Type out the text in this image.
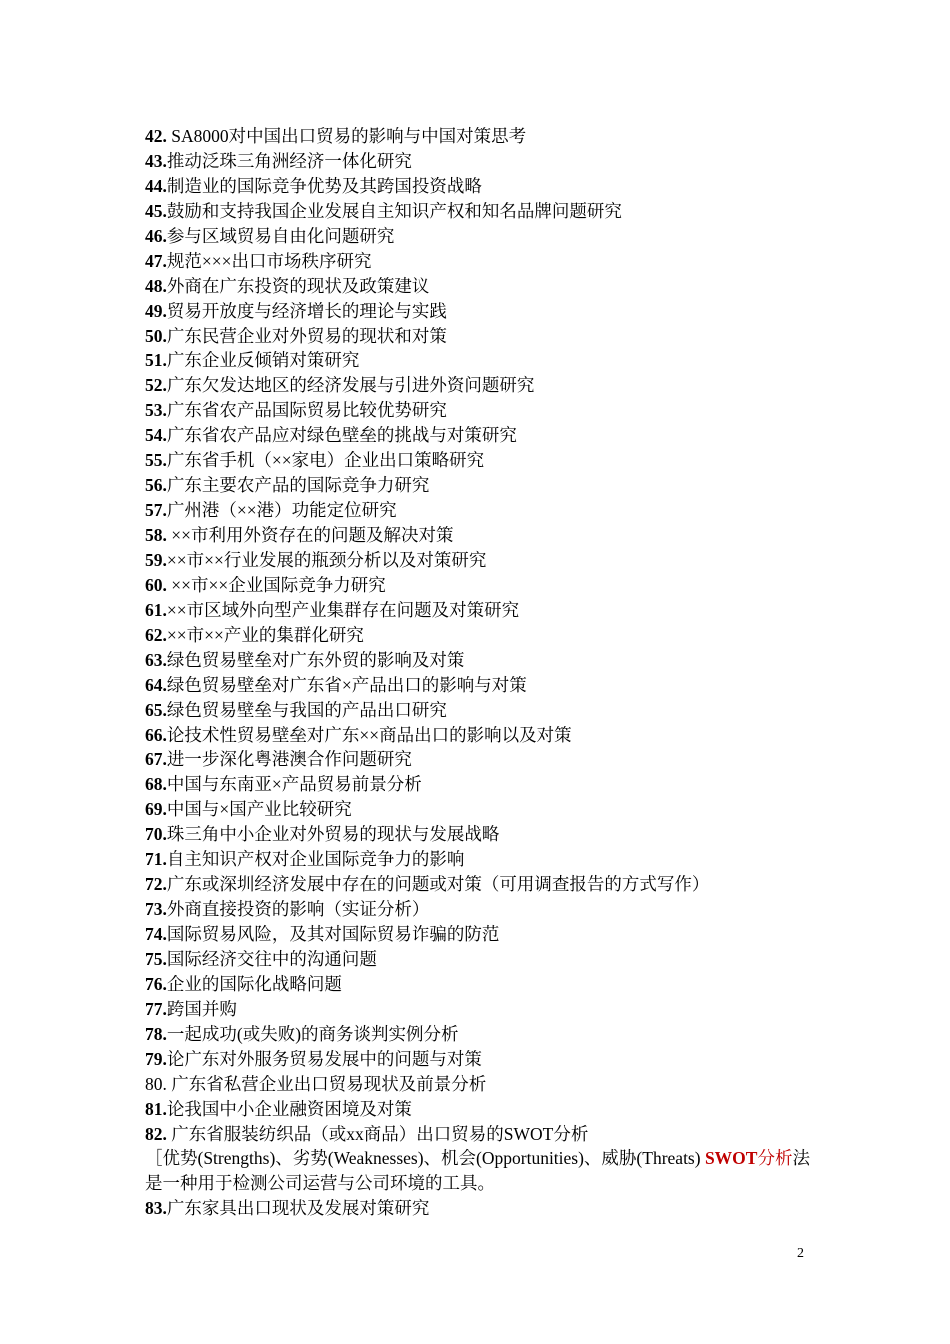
42. SA8000对中国出口贸易的影响与中国对策思考
43.推动泛珠三角洲经济一体化研究
44.制造业的国际竞争优势及其跨国投资战略
45.鼓励和支持我国企业发展自主知识产权和知名品牌问题研究
46.参与区域贸易自由化问题研究
47.规范×××出口市场秩序研究
48.外商在广东投资的现状及政策建议
49.贸易开放度与经济增长的理论与实践
50.广东民营企业对外贸易的现状和对策
51.广东企业反倾销对策研究
52.广东欠发达地区的经济发展与引进外资问题研究
53.广东省农产品国际贸易比较优势研究
54.广东省农产品应对绿色壁垒的挑战与对策研究
55.广东省手机（××家电）企业出口策略研究
56.广东主要农产品的国际竞争力研究
57.广州港（××港）功能定位研究
58. ××市利用外资存在的问题及解决对策
59.××市××行业发展的瓶颈分析以及对策研究
60. ××市××企业国际竞争力研究
61.××市区域外向型产业集群存在问题及对策研究
62.××市××产业的集群化研究
63.绿色贸易壁垒对广东外贸的影响及对策
64.绿色贸易壁垒对广东省×产品出口的影响与对策
65.绿色贸易壁垒与我国的产品出口研究
66.论技术性贸易壁垒对广东××商品出口的影响以及对策
67.进一步深化粤港澳合作问题研究
68.中国与东南亚×产品贸易前景分析
69.中国与×国产业比较研究
70.珠三角中小企业对外贸易的现状与发展战略
71.自主知识产权对企业国际竞争力的影响
72.广东或深圳经济发展中存在的问题或对策（可用调查报告的方式写作）
73.外商直接投资的影响（实证分析）
74.国际贸易风险，及其对国际贸易诈骗的防范
75.国际经济交往中的沟通问题
76.企业的国际化战略问题
77.跨国并购
78.一起成功(或失败)的商务谈判实例分析
79.论广东对外服务贸易发展中的问题与对策
80. 广东省私营企业出口贸易现状及前景分析
81.论我国中小企业融资困境及对策
82. 广东省服装纺织品（或xx商品）出口贸易的SWOT分析
［优势(Strengths)、劣势(Weaknesses)、机会(Opportunities)、威胁(Threats) SWOT分析法是一种用于检测公司运营与公司环境的工具。
83.广东家具出口现状及发展对策研究
2
